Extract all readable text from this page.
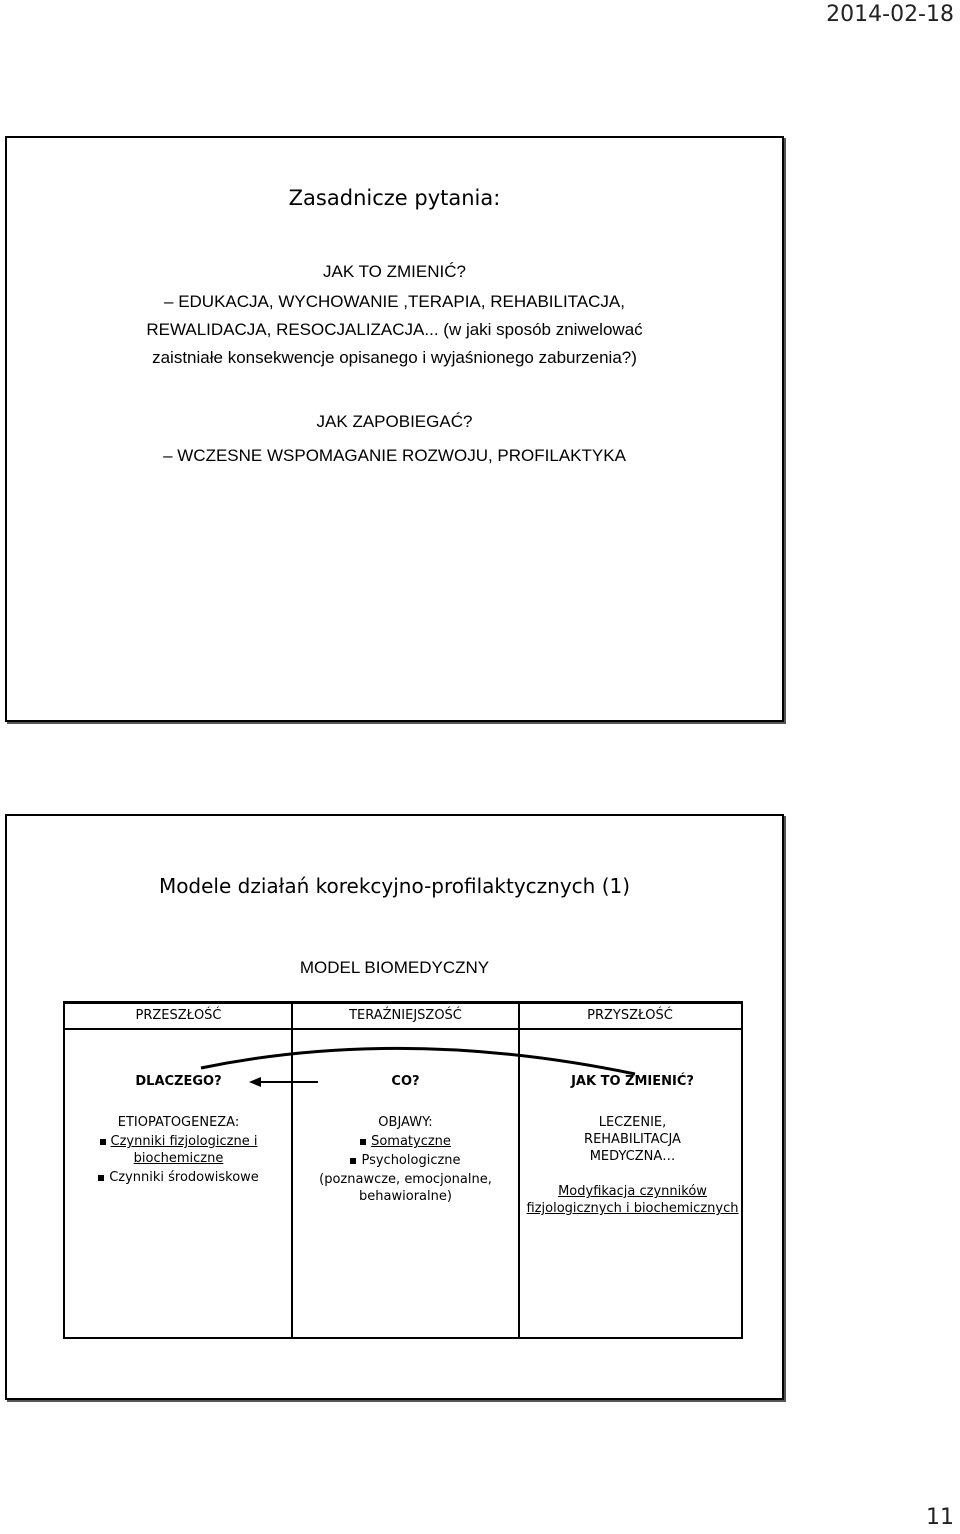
2014-02-18
Zasadnicze pytania:
JAK TO ZMIENIĆ?
– EDUKACJA, WYCHOWANIE ,TERAPIA, REHABILITACJA,
REWALIDACJA, RESOCJALIZACJA... (w jaki sposób zniwelować
zaistniałe konsekwencje opisanego i wyjaśnionego zaburzenia?)
JAK ZAPOBIEGAĆ?
– WCZESNE WSPOMAGANIE ROZWOJU, PROFILAKTYKA
Modele działań korekcyjno-profilaktycznych (1)
MODEL BIOMEDYCZNY
PRZESZŁOŚĆ	TERAŹNIEJSZOŚĆ	PRZYSZŁOŚĆ
DLACZEGO?
ETIOPATOGENEZA:
Czynniki fizjologiczne i biochemiczne
Czynniki środowiskowe
CO?
OBJAWY:
Somatyczne
Psychologiczne
(poznawcze, emocjonalne, behawioralne)
JAK TO ZMIENIĆ?
LECZENIE,
REHABILITACJA
MEDYCZNA…
Modyfikacja czynników fizjologicznych i biochemicznych
11
